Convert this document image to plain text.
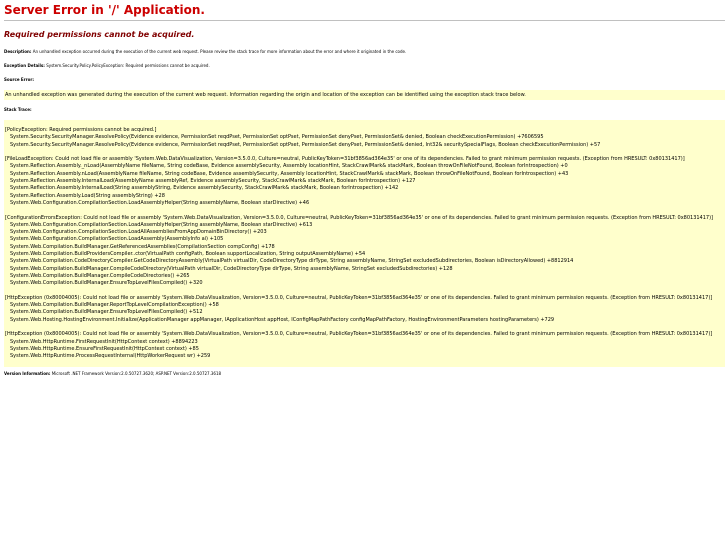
Server Error in '/' Application.
Required permissions cannot be acquired.

Description: An unhandled exception occurred during the execution of the current web request. Please review the stack trace for more information about the error and where it originated in the code.

Exception Details: System.Security.Policy.PolicyException: Required permissions cannot be acquired.

Source Error:

An unhandled exception was generated during the execution of the current web request. Information regarding the origin and location of the exception can be identified using the exception stack trace below.

Stack Trace:

[PolicyException: Required permissions cannot be acquired.]
System.Security.SecurityManager.ResolvePolicy(Evidence evidence, PermissionSet reqdPset, PermissionSet optPset, PermissionSet denyPset, PermissionSet& denied, Boolean checkExecutionPermission) +7606595
System.Security.SecurityManager.ResolvePolicy(Evidence evidence, PermissionSet reqdPset, PermissionSet optPset, PermissionSet denyPset, PermissionSet& denied, Int32& securitySpecialFlags, Boolean checkExecutionPermission) +57
[FileLoadException: Could not load file or assembly 'System.Web.DataVisualization, Version=3.5.0.0, Culture=neutral, PublicKeyToken=31bf3856ad364e35' or one of its dependencies. Failed to grant minimum permission requests. (Exception from HRESULT: 0x80131417)]
System.Reflection.Assembly._nLoad(AssemblyName fileName, String codeBase, Evidence assemblySecurity, Assembly locationHint, StackCrawlMark& stackMark, Boolean throwOnFileNotFound, Boolean forIntrospection) +0
System.Reflection.Assembly.nLoad(AssemblyName fileName, String codeBase, Evidence assemblySecurity, Assembly locationHint, StackCrawlMark& stackMark, Boolean throwOnFileNotFound, Boolean forIntrospection) +43
System.Reflection.Assembly.InternalLoad(AssemblyName assemblyRef, Evidence assemblySecurity, StackCrawlMark& stackMark, Boolean forIntrospection) +127
System.Reflection.Assembly.InternalLoad(String assemblyString, Evidence assemblySecurity, StackCrawlMark& stackMark, Boolean forIntrospection) +142
System.Reflection.Assembly.Load(String assemblyString) +28
System.Web.Configuration.CompilationSection.LoadAssemblyHelper(String assemblyName, Boolean starDirective) +46
[ConfigurationErrorsException: Could not load file or assembly 'System.Web.DataVisualization, Version=3.5.0.0, Culture=neutral, PublicKeyToken=31bf3856ad364e35' or one of its dependencies. Failed to grant minimum permission requests. (Exception from HRESULT: 0x80131417)]
System.Web.Configuration.CompilationSection.LoadAssemblyHelper(String assemblyName, Boolean starDirective) +613
System.Web.Configuration.CompilationSection.LoadAllAssembliesFromAppDomainBinDirectory() +203
System.Web.Configuration.CompilationSection.LoadAssembly(AssemblyInfo ai) +105
System.Web.Compilation.BuildManager.GetReferencedAssemblies(CompilationSection compConfig) +178
System.Web.Compilation.BuildProvidersCompiler..ctor(VirtualPath configPath, Boolean supportLocalization, String outputAssemblyName) +54
System.Web.Compilation.CodeDirectoryCompiler.GetCodeDirectoryAssembly(VirtualPath virtualDir, CodeDirectoryType dirType, String assemblyName, StringSet excludedSubdirectories, Boolean isDirectoryAllowed) +8812914
System.Web.Compilation.BuildManager.CompileCodeDirectory(VirtualPath virtualDir, CodeDirectoryType dirType, String assemblyName, StringSet excludedSubdirectories) +128
System.Web.Compilation.BuildManager.CompileCodeDirectories() +265
System.Web.Compilation.BuildManager.EnsureTopLevelFilesCompiled() +320
[HttpException (0x80004005): Could not load file or assembly 'System.Web.DataVisualization, Version=3.5.0.0, Culture=neutral, PublicKeyToken=31bf3856ad364e35' or one of its dependencies. Failed to grant minimum permission requests. (Exception from HRESULT: 0x80131417)]
System.Web.Compilation.BuildManager.ReportTopLevelCompilationException() +58
System.Web.Compilation.BuildManager.EnsureTopLevelFilesCompiled() +512
System.Web.Hosting.HostingEnvironment.Initialize(ApplicationManager appManager, IApplicationHost appHost, IConfigMapPathFactory configMapPathFactory, HostingEnvironmentParameters hostingParameters) +729
[HttpException (0x80004005): Could not load file or assembly 'System.Web.DataVisualization, Version=3.5.0.0, Culture=neutral, PublicKeyToken=31bf3856ad364e35' or one of its dependencies. Failed to grant minimum permission requests. (Exception from HRESULT: 0x80131417)]
System.Web.HttpRuntime.FirstRequestInit(HttpContext context) +8894223
System.Web.HttpRuntime.EnsureFirstRequestInit(HttpContext context) +85
System.Web.HttpRuntime.ProcessRequestInternal(HttpWorkerRequest wr) +259

Version Information: Microsoft .NET Framework Version:2.0.50727.3620; ASP.NET Version:2.0.50727.3618
